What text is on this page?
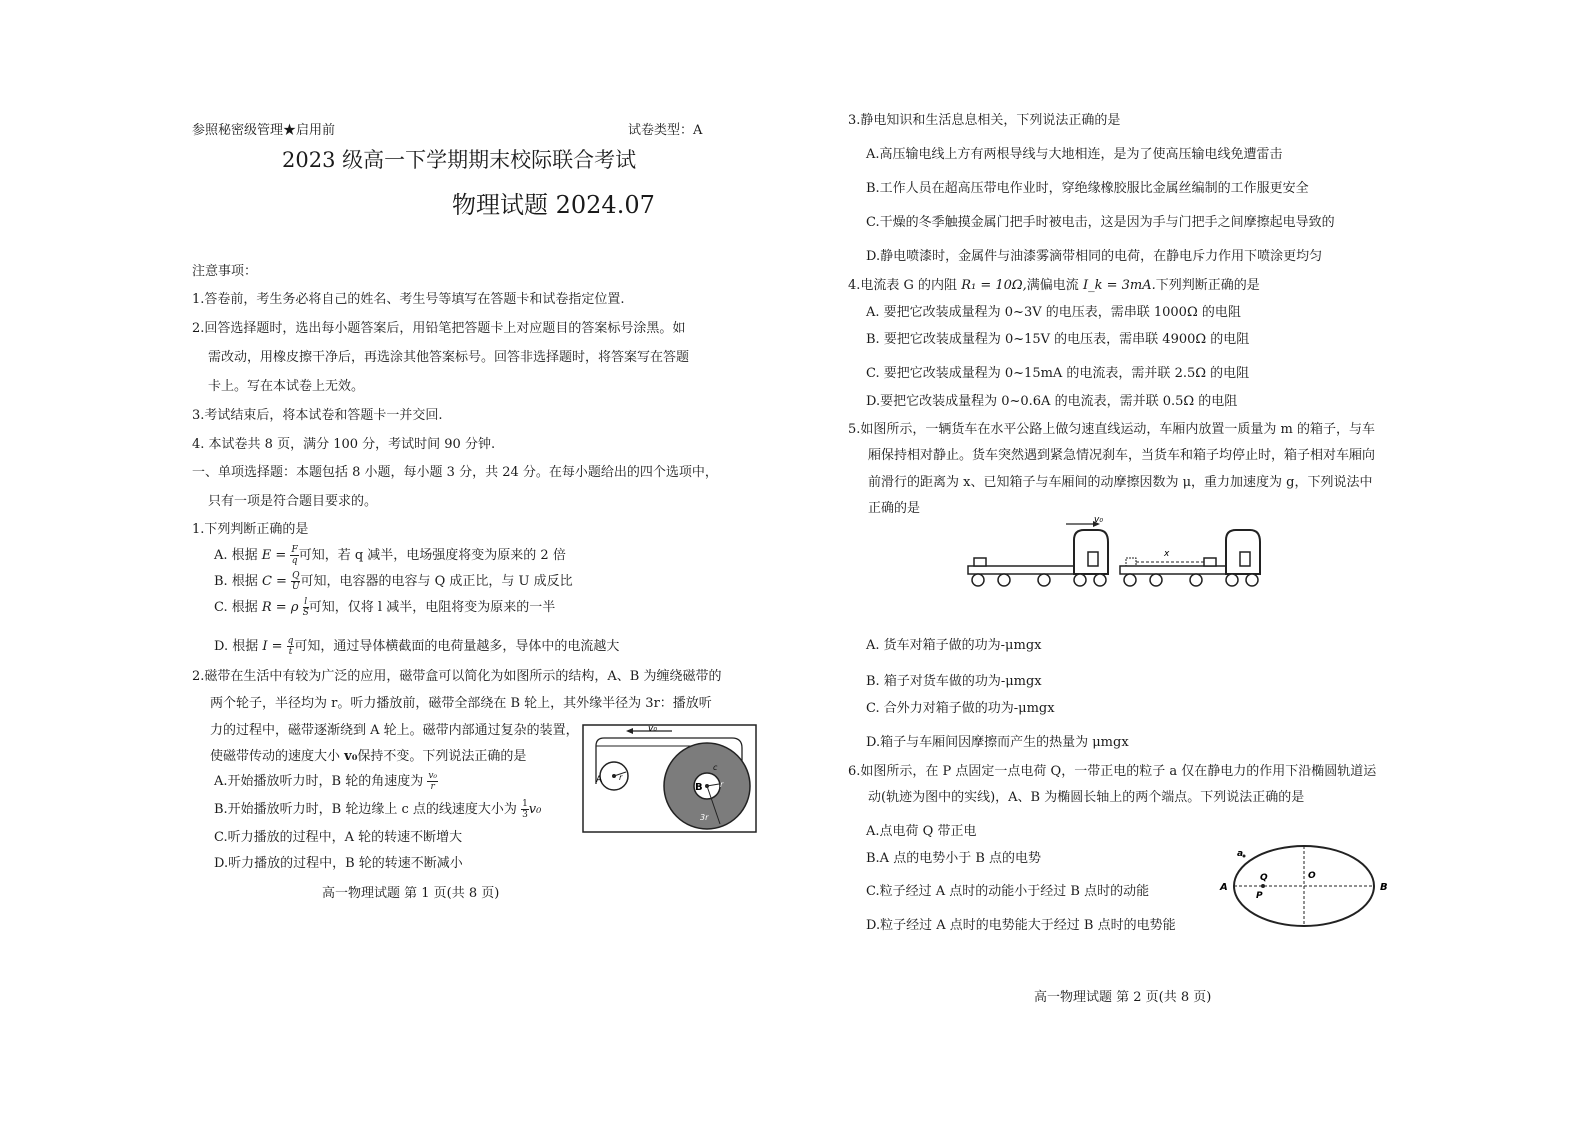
参照秘密级管理★启用前	试卷类型：A
2023 级高一下学期期末校际联合考试
物理试题 2024.07
注意事项：
1.答卷前，考生务必将自己的姓名、考生号等填写在答题卡和试卷指定位置.
2.回答选择题时，选出每小题答案后，用铅笔把答题卡上对应题目的答案标号涂黑。如
需改动，用橡皮擦干净后，再选涂其他答案标号。回答非选择题时，将答案写在答题
卡上。写在本试卷上无效。
3.考试结束后，将本试卷和答题卡一并交回.
4. 本试卷共 8 页，满分 100 分，考试时间 90 分钟.
一、单项选择题：本题包括 8 小题，每小题 3 分，共 24 分。在每小题给出的四个选项中，
只有一项是符合题目要求的。
1.下列判断正确的是
A. 根据 $E = \frac{F}{q}$ 可知，若 q 减半，电场强度将变为原来的 2 倍
B. 根据 $C = \frac{Q}{U}$ 可知，电容器的电容与 Q 成正比，与 U 成反比
C. 根据 R = ρ $\frac{l}{S}$ 可知，仅将 l 减半，电阻将变为原来的一半
D. 根据 $I = \frac{q}{t}$ 可知，通过导体横截面的电荷量越多，导体中的电流越大
2.磁带在生活中有较为广泛的应用，磁带盒可以简化为如图所示的结构，A、B 为缠绕磁带的
两个轮子，半径均为 r。听力播放前，磁带全部绕在 B 轮上，其外缘半径为 3r：播放听
力的过程中，磁带逐渐绕到 A 轮上。磁带内部通过复杂的装置，
使磁带传动的速度大小 v₀保持不变。下列说法正确的是
A.开始播放听力时，B 轮的角速度为 $\frac{\text{v₀}}{r}$
B.开始播放听力时，B 轮边缘上 c 点的线速度大小为 $\frac{1}{3} v_0$
C.听力播放的过程中，A 轮的转速不断增大
D.听力播放的过程中，B 轮的转速不断减小
v₀
A r
B r
c
3r
高一物理试题 第 1 页(共 8 页)
3.静电知识和生活息息相关，下列说法正确的是
A.高压输电线上方有两根导线与大地相连，是为了使高压输电线免遭雷击
B.工作人员在超高压带电作业时，穿绝缘橡胶服比金属丝编制的工作服更安全
C.干燥的冬季触摸金属门把手时被电击，这是因为手与门把手之间摩擦起电导致的
D.静电喷漆时，金属件与油漆雾滴带相同的电荷，在静电斥力作用下喷涂更均匀
4.电流表 G 的内阻 R₁ = 10Ω,满偏电流 I_k = 3mA.下列判断正确的是
A. 要把它改装成量程为 0~3V 的电压表，需串联 1000Ω 的电阻
B. 要把它改装成量程为 0~15V 的电压表，需串联 4900Ω 的电阻
C. 要把它改装成量程为 0~15mA 的电流表，需并联 2.5Ω 的电阻
D.要把它改装成量程为 0~0.6A 的电流表，需并联 0.5Ω 的电阻
5.如图所示，一辆货车在水平公路上做匀速直线运动，车厢内放置一质量为 m 的箱子，与车
厢保持相对静止。货车突然遇到紧急情况刹车，当货车和箱子均停止时，箱子相对车厢向
前滑行的距离为 x、已知箱子与车厢间的动摩擦因数为 μ，重力加速度为 g，下列说法中
正确的是
v₀
x
A. 货车对箱子做的功为-μmgx
B. 箱子对货车做的功为-μmgx
C. 合外力对箱子做的功为-μmgx
D.箱子与车厢间因摩擦而产生的热量为 μmgx
6.如图所示，在 P 点固定一点电荷 Q，一带正电的粒子 a 仅在静电力的作用下沿椭圆轨道运
动(轨迹为图中的实线)，A、B 为椭圆长轴上的两个端点。下列说法正确的是
A.点电荷 Q 带正电
B.A 点的电势小于 B 点的电势
C.粒子经过 A 点时的动能小于经过 B 点时的动能
D.粒子经过 A 点时的电势能大于经过 B 点时的电势能
a
A
Q	O
P
B
高一物理试题 第 2 页(共 8 页)
